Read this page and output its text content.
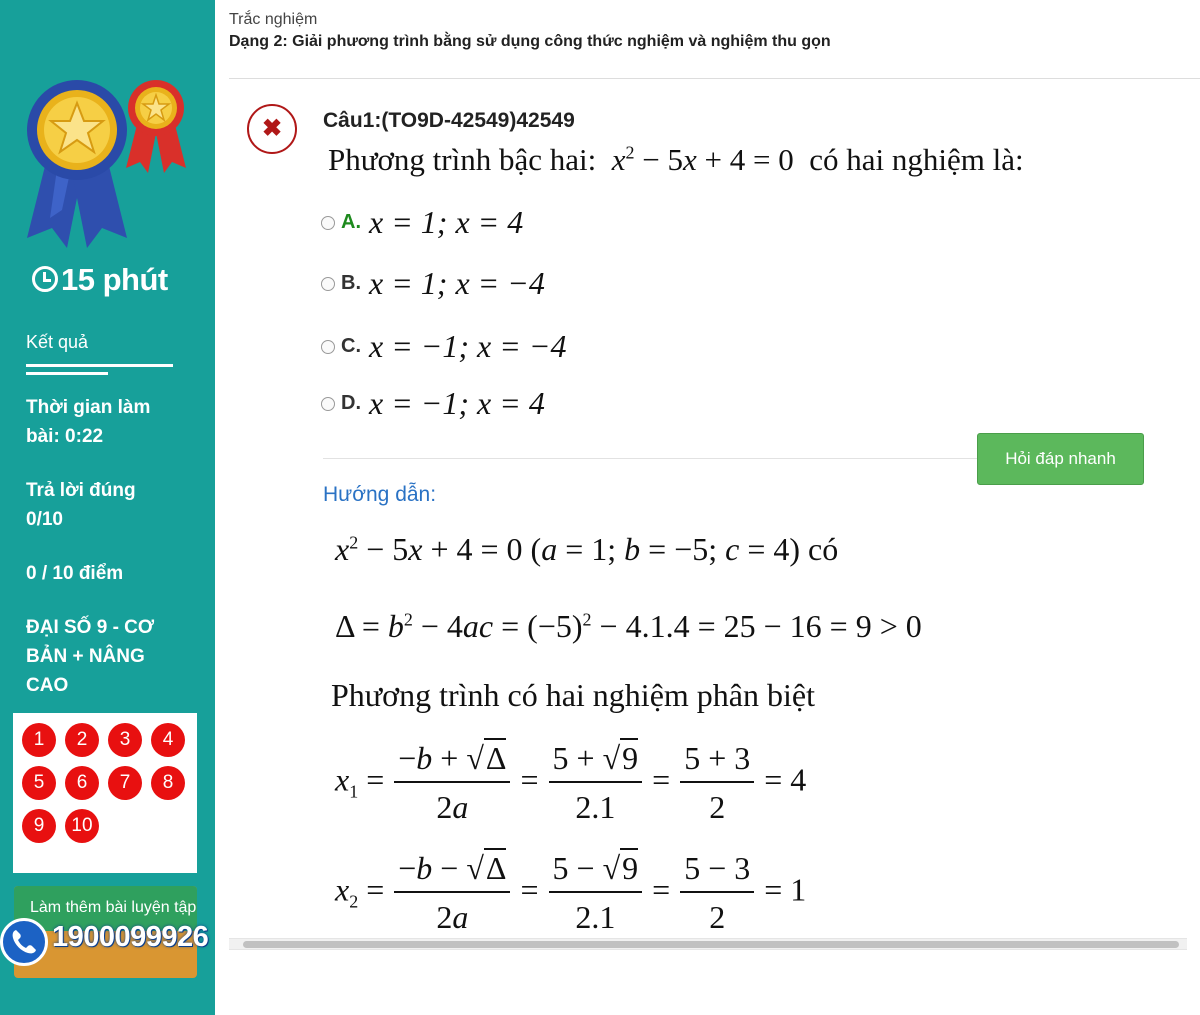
15 phút
Kết quả
Thời gian làm bài: 0:22
Trả lời đúng 0/10
0 / 10 điểm
ĐẠI SỐ 9 - CƠ BẢN + NÂNG CAO
1	2	3	4
5	6	7	8
9	10
Làm thêm bài luyện tập
1900099926
Trắc nghiệm
Dạng 2: Giải phương trình bằng sử dụng công thức nghiệm và nghiệm thu gọn
✖	Câu1:(TO9D-42549)42549
Phương trình bậc hai: $x^2 - 5x + 4 = 0$  có hai nghiệm là:
A. x = 1; x = 4
B. x = 1; x = −4
C. x = −1; x = −4
D. x = −1; x = 4
Hỏi đáp nhanh
Hướng dẫn:
$x^2 - 5x + 4 = 0$ (a = 1; b = −5; c = 4) có
$\Delta = b^2 - 4ac = (-5)^2 - 4.1.4 = 25 - 16 = 9 > 0$
Phương trình có hai nghiệm phân biệt
$x_1 = \frac{-b + √\Delta}{2a} = \frac{5 + √9}{2.1} = \frac{5 + 3}{2} = 4$
$x_2 = \frac{-b - √\Delta}{2a} = \frac{5 - √9}{2.1} = \frac{5 - 3}{2} = 1$
